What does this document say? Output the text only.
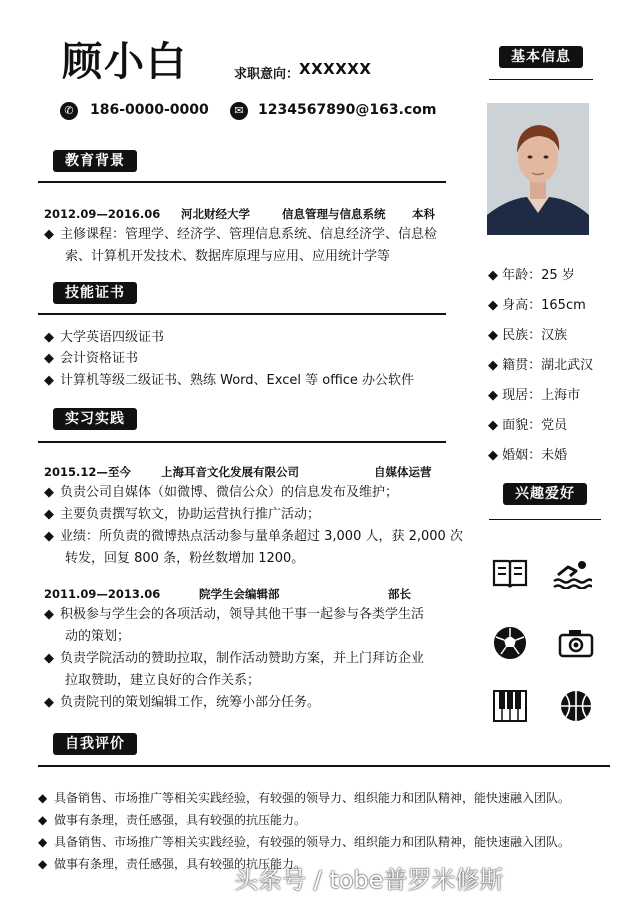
顾小白	求职意向： XXXXXX
✆	186-0000-0000	✉	1234567890@163.com
教育背景
2012.09—2016.06 河北财经大学	信息管理与信息系统 本科
◆ 主修课程：管理学、经济学、管理信息系统、信息经济学、信息检
索、计算机开发技术、数据库原理与应用、应用统计学等
技能证书
◆ 大学英语四级证书
◆ 会计资格证书
◆ 计算机等级二级证书、熟练 Word、Excel 等 office 办公软件
实习实践
2015.12—至今	上海耳音文化发展有限公司	自媒体运营
◆ 负责公司自媒体（如微博、微信公众）的信息发布及维护；
◆ 主要负责撰写软文，协助运营执行推广活动；
◆ 业绩：所负责的微博热点活动参与量单条超过 3,000 人，获 2,000 次
转发，回复 800 条，粉丝数增加 1200。
2011.09—2013.06	院学生会编辑部	部长
◆ 积极参与学生会的各项活动，领导其他干事一起参与各类学生活
动的策划；
◆ 负责学院活动的赞助拉取，制作活动赞助方案，并上门拜访企业
拉取赞助，建立良好的合作关系；
◆ 负责院刊的策划编辑工作，统筹小部分任务。
自我评价
◆ 具备销售、市场推广等相关实践经验，有较强的领导力、组织能力和团队精神，能快速融入团队。
◆ 做事有条理，责任感强，具有较强的抗压能力。
◆ 具备销售、市场推广等相关实践经验，有较强的领导力、组织能力和团队精神，能快速融入团队。
◆ 做事有条理，责任感强，具有较强的抗压能力。
基本信息
◆ 年龄：25 岁
◆ 身高：165cm
◆ 民族：汉族
◆ 籍贯：湖北武汉
◆ 现居：上海市
◆ 面貌：党员
◆ 婚姻：未婚
兴趣爱好
头条号 / tobe普罗米修斯
